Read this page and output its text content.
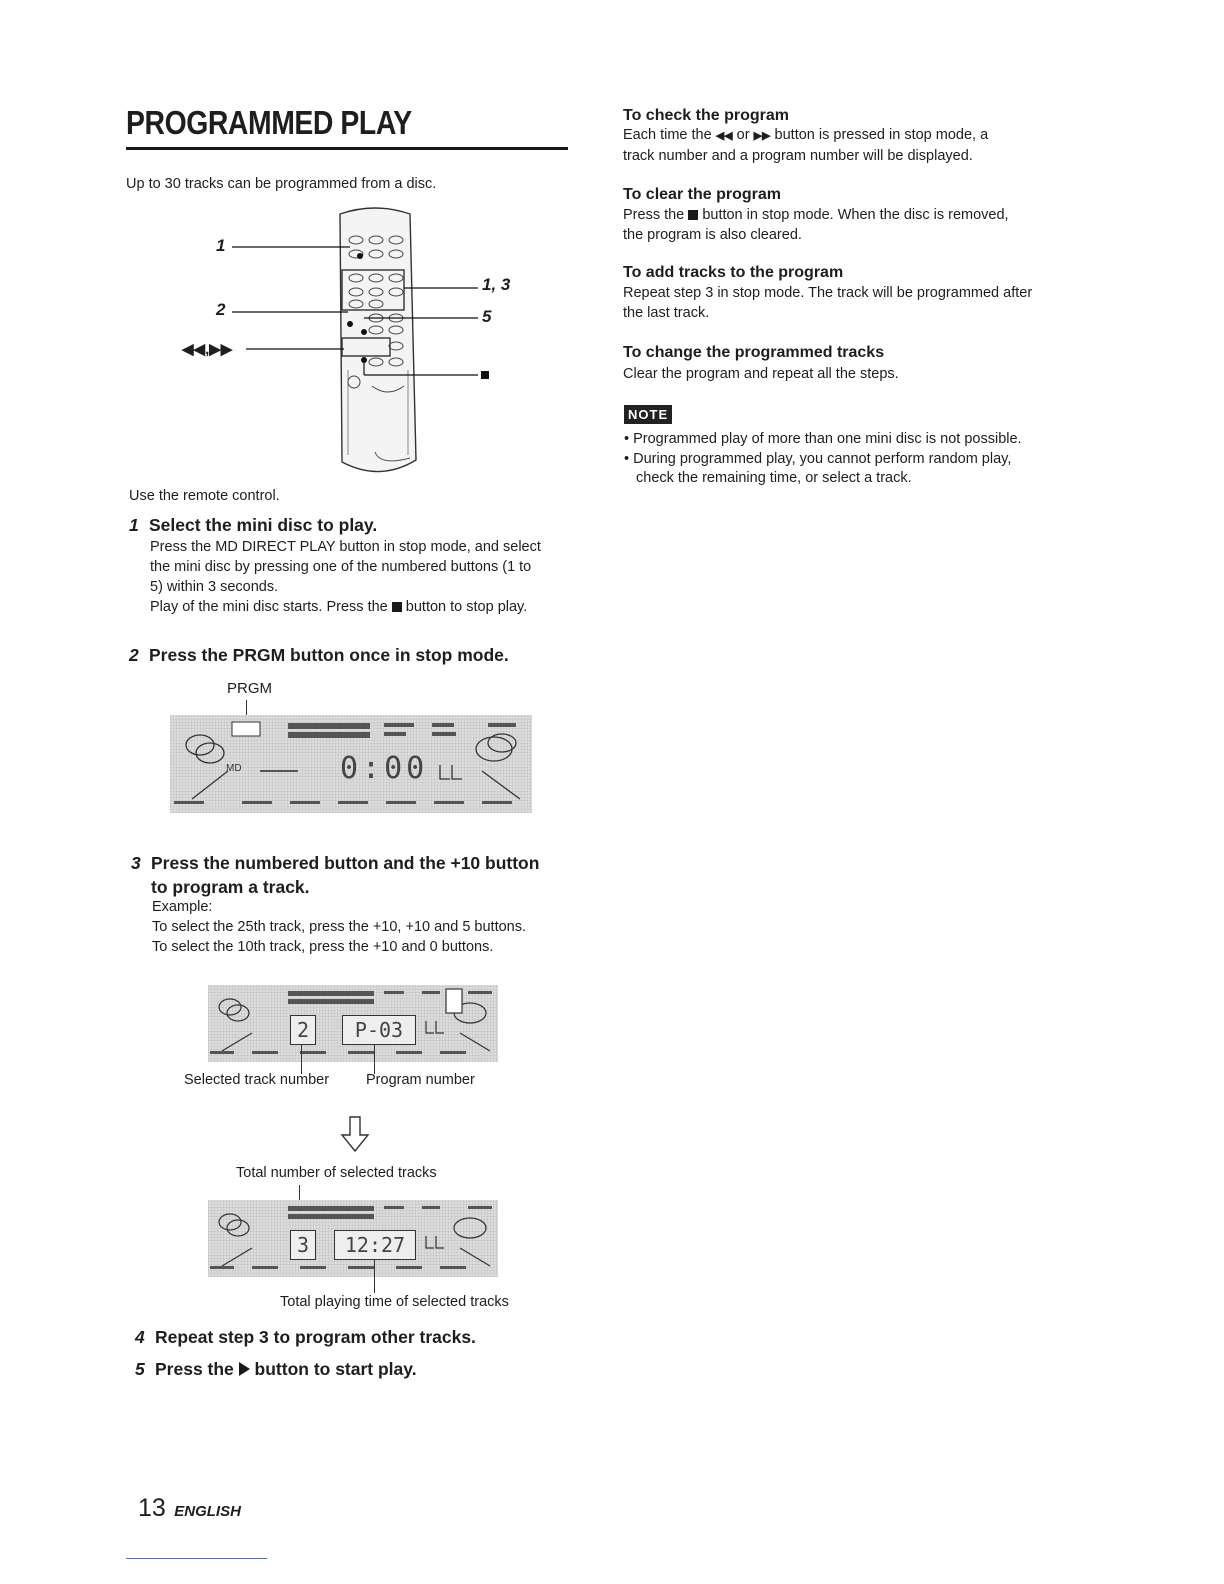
PROGRAMMED PLAY
Up to 30 tracks can be programmed from a disc.
1
2
◀◀,▶▶
1, 3
5
Use the remote control.
1 Select the mini disc to play.
Press the MD DIRECT PLAY button in stop mode, and select
the mini disc by pressing one of the numbered buttons (1 to
5) within 3 seconds.
Play of the mini disc starts. Press the button to stop play.
2 Press the PRGM button once in stop mode.
PRGM
MD	0:00
3 Press the numbered button and the +10 button
to program a track.
Example:
To select the 25th track, press the +10, +10 and 5 buttons.
To select the 10th track, press the +10 and 0 buttons.
2	P-03
Selected track number	Program number
Total number of selected tracks
3	12:27
Total playing time of selected tracks
4 Repeat step 3 to program other tracks.
5 Press the button to start play.
13 ENGLISH
To check the program
Each time the ◀◀ or ▶▶ button is pressed in stop mode, a
track number and a program number will be displayed.
To clear the program
Press the button in stop mode. When the disc is removed,
the program is also cleared.
To add tracks to the program
Repeat step 3 in stop mode. The track will be programmed after
the last track.
To change the programmed tracks
Clear the program and repeat all the steps.
NOTE
• Programmed play of more than one mini disc is not possible.
• During programmed play, you cannot perform random play,
check the remaining time, or select a track.
